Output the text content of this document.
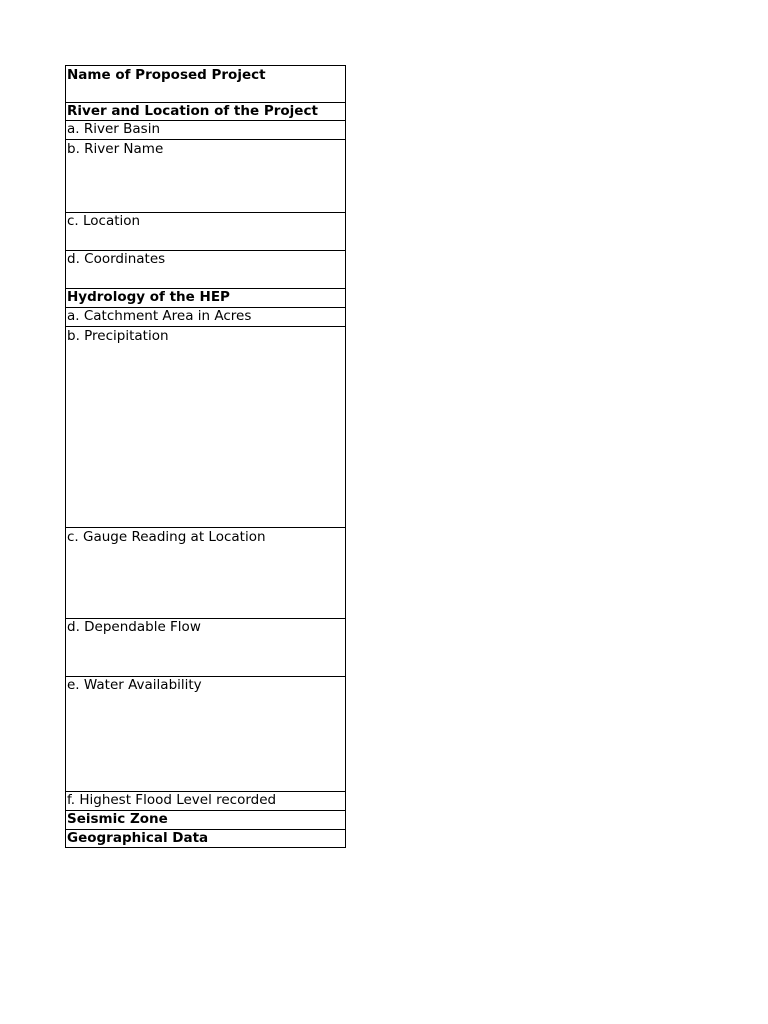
Name of Proposed Project
River and Location of the Project
a. River Basin
b. River Name
c. Location
d. Coordinates
Hydrology of the HEP
a. Catchment Area in Acres
b. Precipitation
c. Gauge Reading at Location
d. Dependable Flow
e. Water Availability
f. Highest Flood Level recorded
Seismic Zone
Geographical Data
